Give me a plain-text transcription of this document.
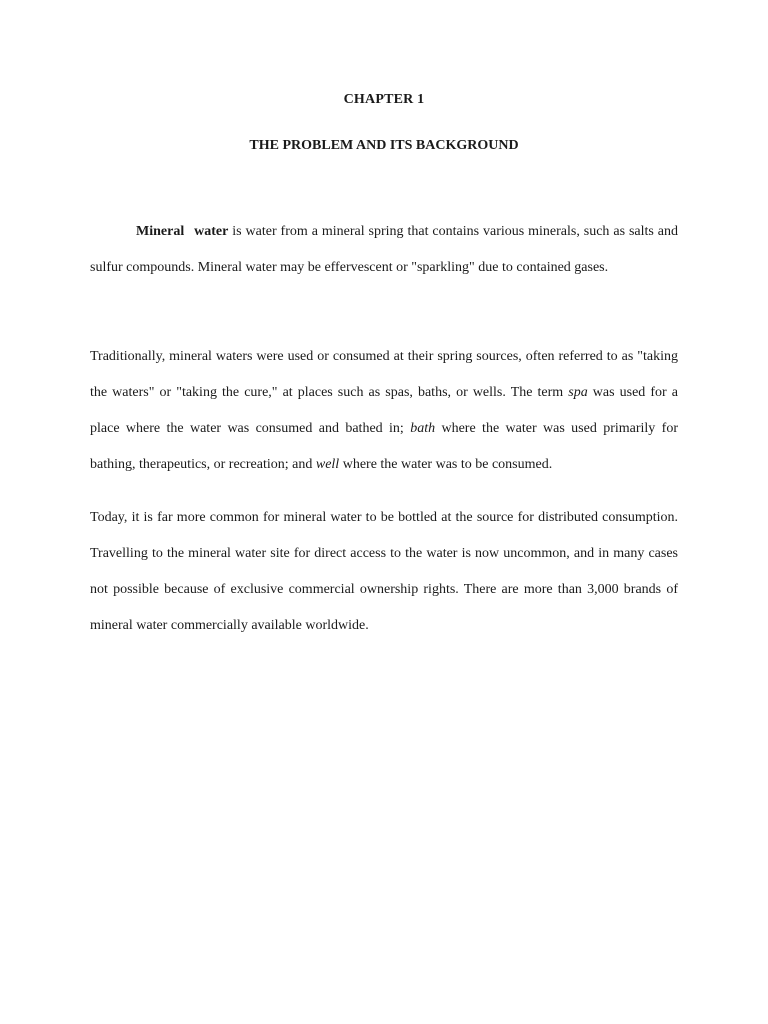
CHAPTER 1
THE PROBLEM AND ITS BACKGROUND

Mineral water is water from a mineral spring that contains various minerals, such as salts and sulfur compounds. Mineral water may be effervescent or "sparkling" due to contained gases.

Traditionally, mineral waters were used or consumed at their spring sources, often referred to as "taking the waters" or "taking the cure," at places such as spas, baths, or wells. The term spa was used for a place where the water was consumed and bathed in; bath where the water was used primarily for bathing, therapeutics, or recreation; and well where the water was to be consumed.

Today, it is far more common for mineral water to be bottled at the source for distributed consumption. Travelling to the mineral water site for direct access to the water is now uncommon, and in many cases not possible because of exclusive commercial ownership rights. There are more than 3,000 brands of mineral water commercially available worldwide.
